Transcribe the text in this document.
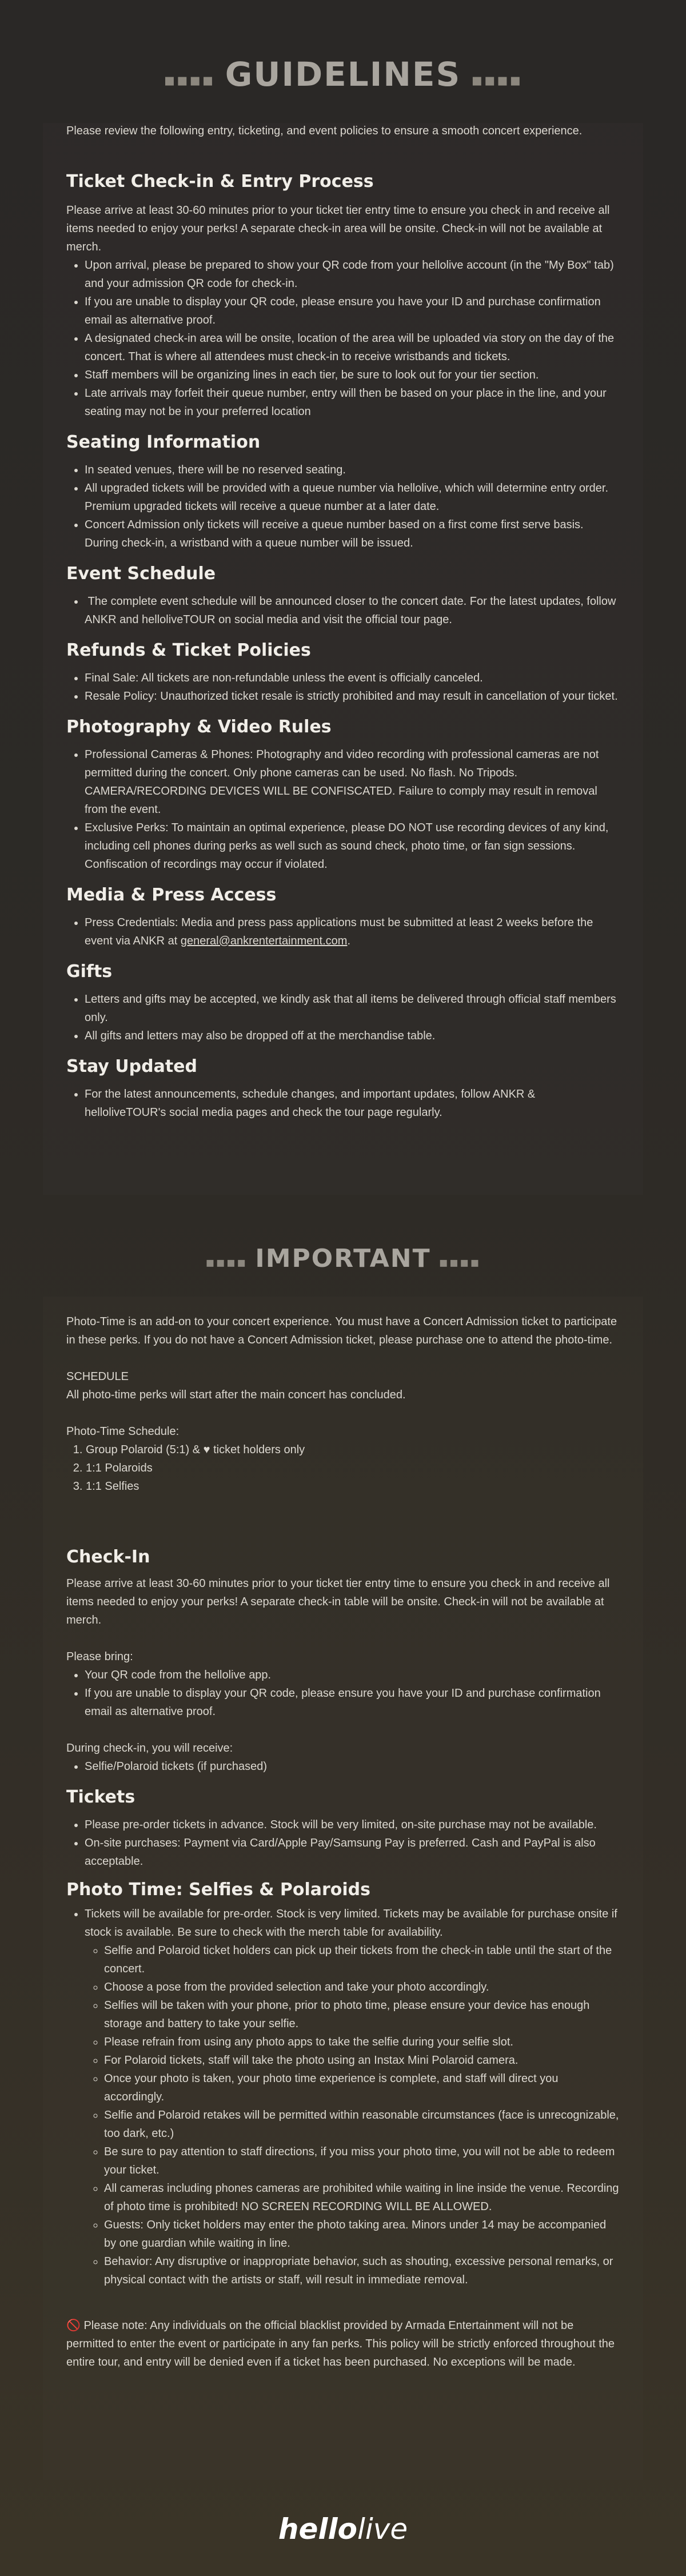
▪▪▪▪ GUIDELINES ▪▪▪▪

Please review the following entry, ticketing, and event policies to ensure a smooth concert experience.

Ticket Check-in & Entry Process

Please arrive at least 30-60 minutes prior to your ticket tier entry time to ensure you check in and receive all items needed to enjoy your perks! A separate check-in area will be onsite. Check-in will not be available at merch.

• Upon arrival, please be prepared to show your QR code from your hellolive account (in the "My Box" tab) and your admission QR code for check-in.
• If you are unable to display your QR code, please ensure you have your ID and purchase confirmation email as alternative proof.
• A designated check-in area will be onsite, location of the area will be uploaded via story on the day of the concert. That is where all attendees must check-in to receive wristbands and tickets.
• Staff members will be organizing lines in each tier, be sure to look out for your tier section.
• Late arrivals may forfeit their queue number, entry will then be based on your place in the line, and your seating may not be in your preferred location
Seating Information
• In seated venues, there will be no reserved seating.
• All upgraded tickets will be provided with a queue number via hellolive, which will determine entry order. Premium upgraded tickets will receive a queue number at a later date.
• Concert Admission only tickets will receive a queue number based on a first come first serve basis. During check-in, a wristband with a queue number will be issued.
Event Schedule
•  The complete event schedule will be announced closer to the concert date. For the latest updates, follow ANKR and helloliveTOUR on social media and visit the official tour page.
Refunds & Ticket Policies
• Final Sale: All tickets are non-refundable unless the event is officially canceled.
• Resale Policy: Unauthorized ticket resale is strictly prohibited and may result in cancellation of your ticket.
Photography & Video Rules
• Professional Cameras & Phones: Photography and video recording with professional cameras are not permitted during the concert. Only phone cameras can be used. No flash. No Tripods. CAMERA/RECORDING DEVICES WILL BE CONFISCATED. Failure to comply may result in removal from the event.
• Exclusive Perks: To maintain an optimal experience, please DO NOT use recording devices of any kind, including cell phones during perks as well such as sound check, photo time, or fan sign sessions. Confiscation of recordings may occur if violated.
Media & Press Access
• Press Credentials: Media and press pass applications must be submitted at least 2 weeks before the event via ANKR at general@ankrentertainment.com.
Gifts
• Letters and gifts may be accepted, we kindly ask that all items be delivered through official staff members only.
• All gifts and letters may also be dropped off at the merchandise table.
Stay Updated
• For the latest announcements, schedule changes, and important updates, follow ANKR & helloliveTOUR's social media pages and check the tour page regularly.
▪▪▪▪ IMPORTANT ▪▪▪▪

Photo-Time is an add-on to your concert experience. You must have a Concert Admission ticket to participate in these perks. If you do not have a Concert Admission ticket, please purchase one to attend the photo-time.

SCHEDULE

All photo-time perks will start after the main concert has concluded.

Photo-Time Schedule:

1. Group Polaroid (5:1) & ♥ ticket holders only
2. 1:1 Polaroids
3. 1:1 Selfies
Check-In

Please arrive at least 30-60 minutes prior to your ticket tier entry time to ensure you check in and receive all items needed to enjoy your perks! A separate check-in table will be onsite. Check-in will not be available at merch.

Please bring:

• Your QR code from the hellolive app.
• If you are unable to display your QR code, please ensure you have your ID and purchase confirmation email as alternative proof.

During check-in, you will receive:

• Selfie/Polaroid tickets (if purchased)
Tickets
• Please pre-order tickets in advance. Stock will be very limited, on-site purchase may not be available.
• On-site purchases: Payment via Card/Apple Pay/Samsung Pay is preferred. Cash and PayPal is also acceptable.
Photo Time: Selfies & Polaroids
• Tickets will be available for pre-order. Stock is very limited. Tickets may be available for purchase onsite if stock is available. Be sure to check with the merch table for availability.
◦ Selfie and Polaroid ticket holders can pick up their tickets from the check-in table until the start of the concert.
◦ Choose a pose from the provided selection and take your photo accordingly.
◦ Selfies will be taken with your phone, prior to photo time, please ensure your device has enough storage and battery to take your selfie.
◦ Please refrain from using any photo apps to take the selfie during your selfie slot.
◦ For Polaroid tickets, staff will take the photo using an Instax Mini Polaroid camera.
◦ Once your photo is taken, your photo time experience is complete, and staff will direct you accordingly.
◦ Selfie and Polaroid retakes will be permitted within reasonable circumstances (face is unrecognizable, too dark, etc.)
◦ Be sure to pay attention to staff directions, if you miss your photo time, you will not be able to redeem your ticket.
◦ All cameras including phones cameras are prohibited while waiting in line inside the venue. Recording of photo time is prohibited! NO SCREEN RECORDING WILL BE ALLOWED.
◦ Guests: Only ticket holders may enter the photo taking area. Minors under 14 may be accompanied by one guardian while waiting in line.
◦ Behavior: Any disruptive or inappropriate behavior, such as shouting, excessive personal remarks, or physical contact with the artists or staff, will result in immediate removal.

🚫 Please note: Any individuals on the official blacklist provided by Armada Entertainment will not be permitted to enter the event or participate in any fan perks. This policy will be strictly enforced throughout the entire tour, and entry will be denied even if a ticket has been purchased. No exceptions will be made.

hellolive
